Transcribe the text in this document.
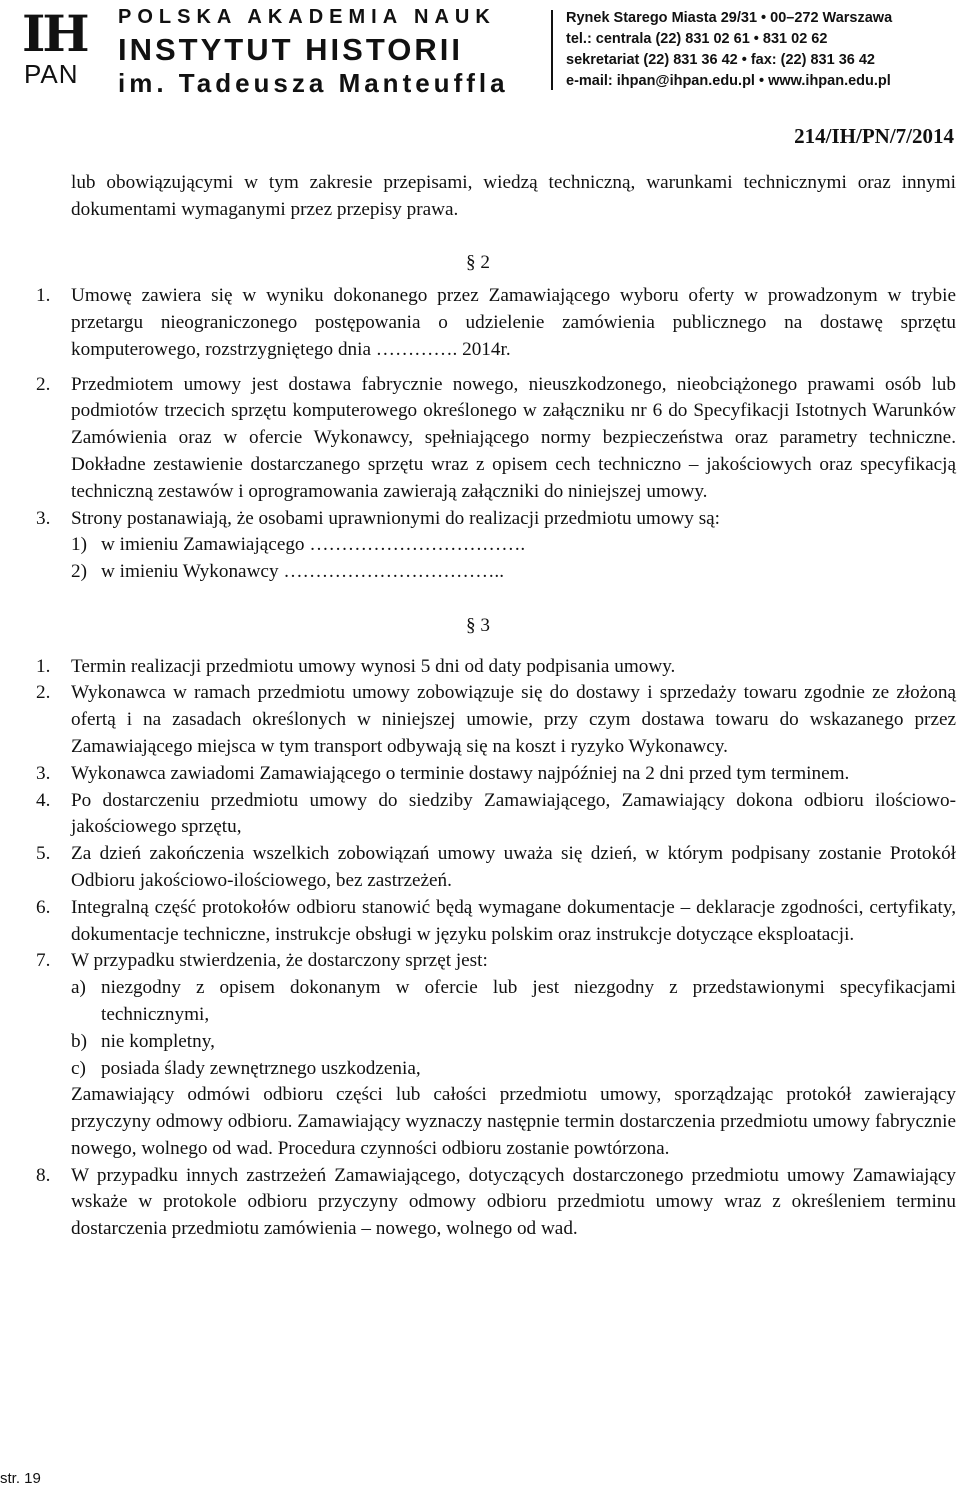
IH
PAN
POLSKA AKADEMIA NAUK
INSTYTUT HISTORII
im. Tadeusza Manteuffla
Rynek Starego Miasta 29/31 • 00–272 Warszawa
tel.: centrala (22) 831 02 61 • 831 02 62
sekretariat (22) 831 36 42 • fax: (22) 831 36 42
e-mail: ihpan@ihpan.edu.pl • www.ihpan.edu.pl
214/IH/PN/7/2014
lub obowiązującymi w tym zakresie przepisami, wiedzą techniczną, warunkami technicznymi oraz innymi dokumentami wymaganymi przez przepisy prawa.
§ 2
1. Umowę zawiera się w wyniku dokonanego przez Zamawiającego wyboru oferty w prowadzonym w trybie przetargu nieograniczonego postępowania o udzielenie zamówienia publicznego na dostawę sprzętu komputerowego, rozstrzygniętego dnia …………. 2014r.
2. Przedmiotem umowy jest dostawa fabrycznie nowego, nieuszkodzonego, nieobciążonego prawami osób lub podmiotów trzecich sprzętu komputerowego określonego w załączniku nr 6 do Specyfikacji Istotnych Warunków Zamówienia oraz w ofercie Wykonawcy, spełniającego normy bezpieczeństwa oraz parametry techniczne. Dokładne zestawienie dostarczanego sprzętu wraz z opisem cech techniczno – jakościowych oraz specyfikacją techniczną zestawów i oprogramowania zawierają załączniki do niniejszej umowy.
3. Strony postanawiają, że osobami uprawnionymi do realizacji przedmiotu umowy są:
1) w imieniu Zamawiającego …………………………….
2) w imieniu Wykonawcy ……………………………..
§ 3
1. Termin realizacji przedmiotu umowy wynosi 5 dni od daty podpisania umowy.
2. Wykonawca w ramach przedmiotu umowy zobowiązuje się do dostawy i sprzedaży towaru zgodnie ze złożoną ofertą i na zasadach określonych w niniejszej umowie, przy czym dostawa towaru do wskazanego przez Zamawiającego miejsca w tym transport odbywają się na koszt i ryzyko Wykonawcy.
3. Wykonawca zawiadomi Zamawiającego o terminie dostawy najpóźniej na 2 dni przed tym terminem.
4. Po dostarczeniu przedmiotu umowy do siedziby Zamawiającego, Zamawiający dokona odbioru ilościowo-jakościowego sprzętu,
5. Za dzień zakończenia wszelkich zobowiązań umowy uważa się dzień, w którym podpisany zostanie Protokół Odbioru jakościowo-ilościowego, bez zastrzeżeń.
6. Integralną część protokołów odbioru stanowić będą wymagane dokumentacje – deklaracje zgodności, certyfikaty, dokumentacje techniczne, instrukcje obsługi w języku polskim oraz instrukcje dotyczące eksploatacji.
7. W przypadku stwierdzenia, że dostarczony sprzęt jest:
a) niezgodny z opisem dokonanym w ofercie lub jest niezgodny z przedstawionymi specyfikacjami technicznymi,
b) nie kompletny,
c) posiada ślady zewnętrznego uszkodzenia,
Zamawiający odmówi odbioru części lub całości przedmiotu umowy, sporządzając protokół zawierający przyczyny odmowy odbioru. Zamawiający wyznaczy następnie termin dostarczenia przedmiotu umowy fabrycznie nowego, wolnego od wad. Procedura czynności odbioru zostanie powtórzona.
8. W przypadku innych zastrzeżeń Zamawiającego, dotyczących dostarczonego przedmiotu umowy Zamawiający wskaże w protokole odbioru przyczyny odmowy odbioru przedmiotu umowy wraz z określeniem terminu dostarczenia przedmiotu zamówienia – nowego, wolnego od wad.
str. 19
